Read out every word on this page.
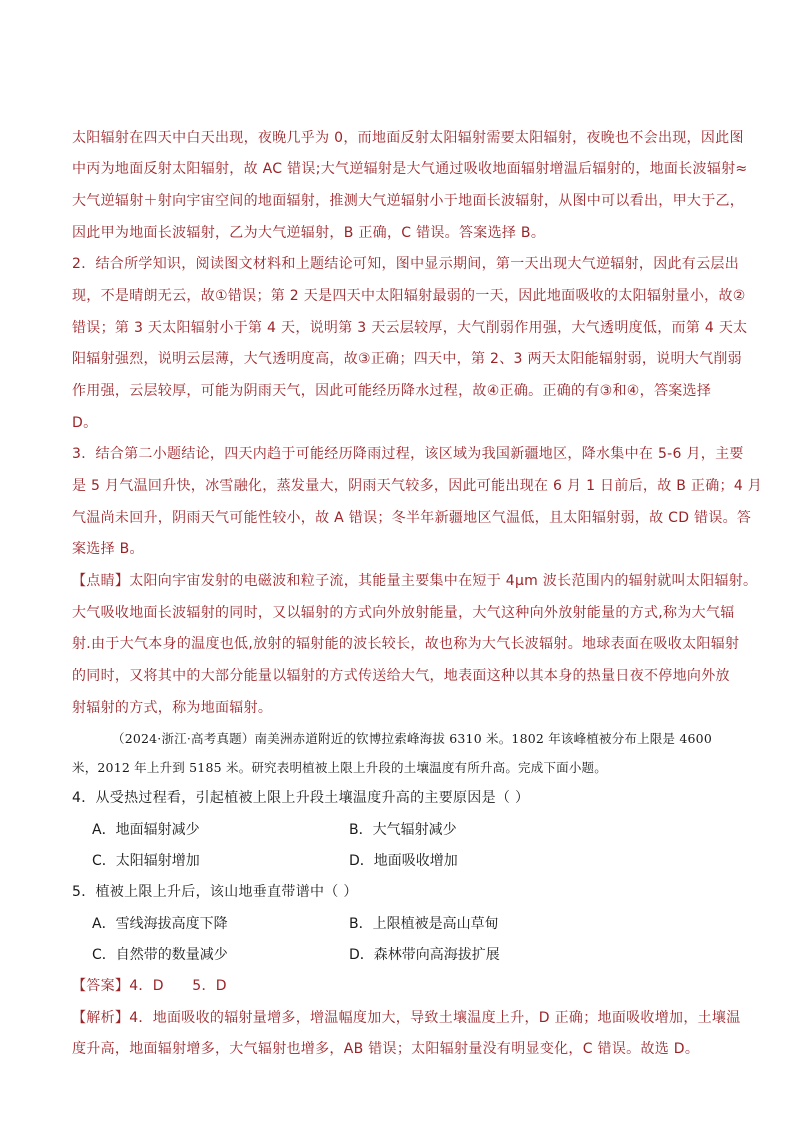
太阳辐射在四天中白天出现，夜晚几乎为 0，而地面反射太阳辐射需要太阳辐射，夜晚也不会出现，因此图
中丙为地面反射太阳辐射，故 AC 错误;大气逆辐射是大气通过吸收地面辐射增温后辐射的，地面长波辐射≈
大气逆辐射＋射向宇宙空间的地面辐射，推测大气逆辐射小于地面长波辐射，从图中可以看出，甲大于乙，
因此甲为地面长波辐射，乙为大气逆辐射，B 正确，C 错误。答案选择 B。
2．结合所学知识，阅读图文材料和上题结论可知，图中显示期间，第一天出现大气逆辐射，因此有云层出
现，不是晴朗无云，故①错误；第 2 天是四天中太阳辐射最弱的一天，因此地面吸收的太阳辐射量小，故②
错误；第 3 天太阳辐射小于第 4 天，说明第 3 天云层较厚，大气削弱作用强，大气透明度低，而第 4 天太
阳辐射强烈，说明云层薄，大气透明度高，故③正确；四天中，第 2、3 两天太阳能辐射弱，说明大气削弱
作用强，云层较厚，可能为阴雨天气，因此可能经历降水过程，故④正确。正确的有③和④，答案选择
D。
3．结合第二小题结论，四天内趋于可能经历降雨过程，该区域为我国新疆地区，降水集中在 5-6 月，主要
是 5 月气温回升快，冰雪融化，蒸发量大，阴雨天气较多，因此可能出现在 6 月 1 日前后，故 B 正确；4 月
气温尚未回升，阴雨天气可能性较小，故 A 错误；冬半年新疆地区气温低，且太阳辐射弱，故 CD 错误。答
案选择 B。
【点睛】太阳向宇宙发射的电磁波和粒子流，其能量主要集中在短于 4μm 波长范围内的辐射就叫太阳辐射。
大气吸收地面长波辐射的同时，又以辐射的方式向外放射能量，大气这种向外放射能量的方式,称为大气辐
射.由于大气本身的温度也低,放射的辐射能的波长较长，故也称为大气长波辐射。地球表面在吸收太阳辐射
的同时，又将其中的大部分能量以辐射的方式传送给大气，地表面这种以其本身的热量日夜不停地向外放
射辐射的方式，称为地面辐射。
（2024·浙江·高考真题）南美洲赤道附近的钦博拉索峰海拔 6310 米。1802 年该峰植被分布上限是 4600
米，2012 年上升到 5185 米。研究表明植被上限上升段的土壤温度有所升高。完成下面小题。
4．从受热过程看，引起植被上限上升段土壤温度升高的主要原因是（ ）
A．地面辐射减少	B．大气辐射减少
C．太阳辐射增加	D．地面吸收增加
5．植被上限上升后，该山地垂直带谱中（ ）
A．雪线海拔高度下降	B．上限植被是高山草甸
C．自然带的数量减少	D．森林带向高海拔扩展
【答案】4．D      5．D
【解析】4．地面吸收的辐射量增多，增温幅度加大，导致土壤温度上升，D 正确；地面吸收增加，土壤温
度升高，地面辐射增多，大气辐射也增多，AB 错误；太阳辐射量没有明显变化，C 错误。故选 D。
